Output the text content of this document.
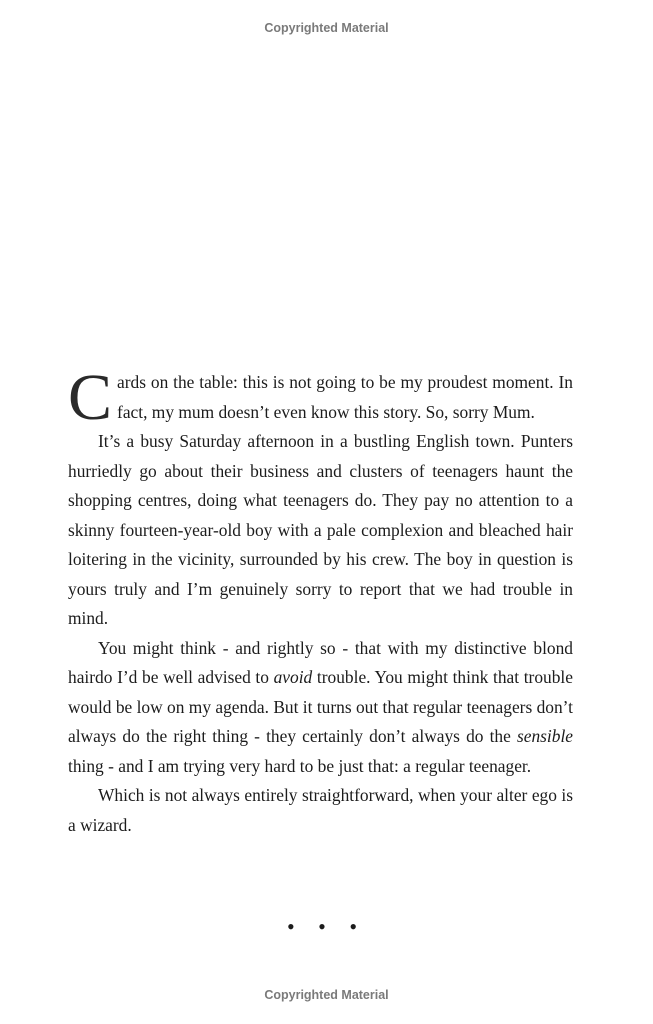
Copyrighted Material

Cards on the table: this is not going to be my proudest moment. In fact, my mum doesn’t even know this story. So, sorry Mum.

It’s a busy Saturday afternoon in a bustling English town. Punters hurriedly go about their business and clusters of teenagers haunt the shopping centres, doing what teenagers do. They pay no attention to a skinny fourteen-year-old boy with a pale complexion and bleached hair loitering in the vicinity, surrounded by his crew. The boy in question is yours truly and I’m genuinely sorry to report that we had trouble in mind.

You might think - and rightly so - that with my distinctive blond hairdo I’d be well advised to avoid trouble. You might think that trouble would be low on my agenda. But it turns out that regular teenagers don’t always do the right thing - they certainly don’t always do the sensible thing - and I am trying very hard to be just that: a regular teenager.

Which is not always entirely straightforward, when your alter ego is a wizard.

• • •
Copyrighted Material
